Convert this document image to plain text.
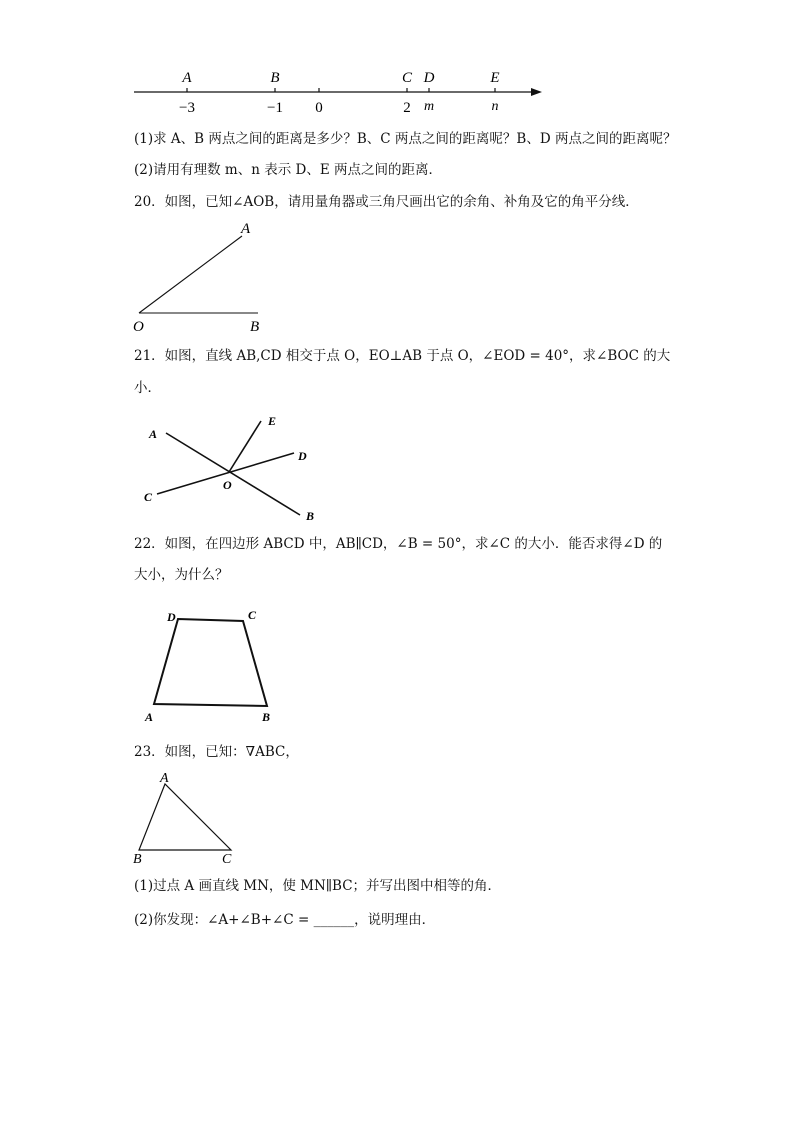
A	B	C D	E
−3	−1 0	2 m	n
(1)求 A、B 两点之间的距离是多少？B、C 两点之间的距离呢？B、D 两点之间的距离呢？
(2)请用有理数 m、n 表示 D、E 两点之间的距离．
20．如图，已知∠AOB，请用量角器或三角尺画出它的余角、补角及它的角平分线．
A
O	B
21．如图，直线 AB,CD 相交于点 O，EO⊥AB 于点 O，∠EOD = 40°，求∠BOC 的大
小．
A
E
D
C
O
B
22．如图，在四边形 ABCD 中，AB∥CD，∠B = 50°，求∠C 的大小．能否求得∠D 的
大小，为什么？
D	C
A	B
23．如图，已知：∇ABC，
A
B	C
(1)过点 A 画直线 MN，使 MN∥BC；并写出图中相等的角．
(2)你发现：∠A+∠B+∠C = ______，说明理由．
